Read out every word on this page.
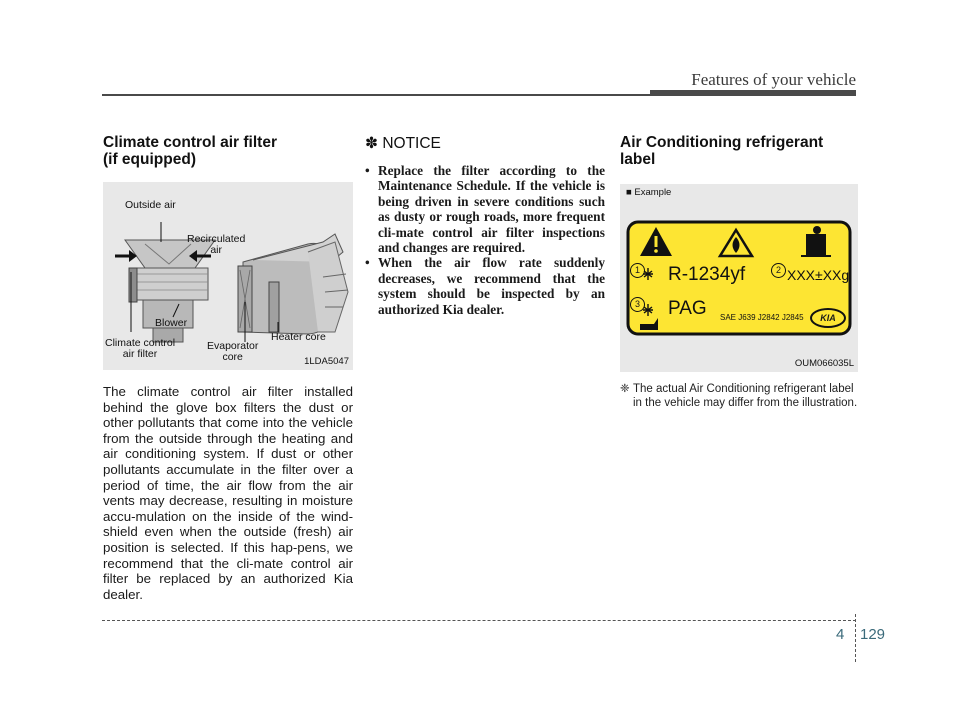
Features of your vehicle
Climate control air filter
(if equipped)
Outside air
Recirculated
air
Blower
Heater core
Climate control
air filter
Evaporator
core	1LDA5047

The climate control air filter installed behind the glove box filters the dust or other pollutants that come into the vehicle from the outside through the heating and air conditioning system. If dust or other pollutants accumulate in the filter over a period of time, the air flow from the air vents may decrease, resulting in moisture accu-mulation on the inside of the wind-shield even when the outside (fresh) air position is selected. If this hap-pens, we recommend that the cli-mate control air filter be replaced by an authorized Kia dealer.

✽ NOTICE
• Replace the filter according to the Maintenance Schedule. If the vehicle is being driven in severe conditions such as dusty or rough roads, more frequent cli-mate control air filter inspections and changes are required.
• When the air flow rate suddenly decreases, we recommend that the system should be inspected by an authorized Kia dealer.
Air Conditioning refrigerant
label
■ Example
1	2
3
R-1234yf	XXX±XXg
PAG SAE J639 J2842 J2845	KIA
OUM066035L
❈ The actual Air Conditioning refrigerant label in the vehicle may differ from the illustration.
4 129
